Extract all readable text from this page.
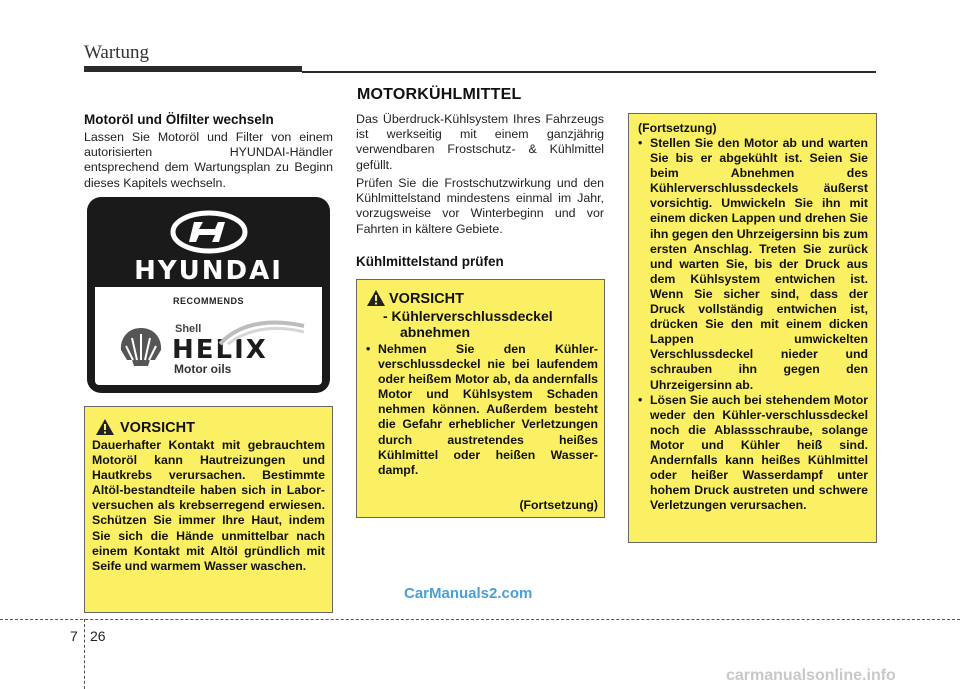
Wartung
MOTORKÜHLMITTEL
Motoröl und Ölfilter wechseln
Lassen Sie Motoröl und Filter von einem autorisierten HYUNDAI-Händler entsprechend dem Wartungsplan zu Beginn dieses Kapitels wechseln.
HYUNDAI
RECOMMENDS
Shell
HELIX
Motor oils
VORSICHT
Dauerhafter Kontakt mit gebrauchtem Motoröl kann Hautreizungen und Hautkrebs verursachen. Bestimmte Altöl-bestandteile haben sich in Labor-versuchen als krebserregend erwiesen. Schützen Sie immer Ihre Haut, indem Sie sich die Hände unmittelbar nach einem Kontakt mit Altöl gründlich mit Seife und warmem Wasser waschen.
Das Überdruck-Kühlsystem Ihres Fahrzeugs ist werkseitig mit einem ganzjährig verwendbaren Frostschutz- & Kühlmittel gefüllt.
Prüfen Sie die Frostschutzwirkung und den Kühlmittelstand mindestens einmal im Jahr, vorzugsweise vor Winterbeginn und vor Fahrten in kältere Gebiete.
Kühlmittelstand prüfen
VORSICHT
- Kühlerverschlussdeckel
abnehmen
• Nehmen Sie den Kühler-verschlussdeckel nie bei laufendem oder heißem Motor ab, da andernfalls Motor und Kühlsystem Schaden nehmen können. Außerdem besteht die Gefahr erheblicher Verletzungen durch austretendes heißes Kühlmittel oder heißen Wasser-dampf.
(Fortsetzung)
(Fortsetzung)
• Stellen Sie den Motor ab und warten Sie bis er abgekühlt ist. Seien Sie beim Abnehmen des Kühlerverschlussdeckels äußerst vorsichtig. Umwickeln Sie ihn mit einem dicken Lappen und drehen Sie ihn gegen den Uhrzeigersinn bis zum ersten Anschlag. Treten Sie zurück und warten Sie, bis der Druck aus dem Kühlsystem entwichen ist. Wenn Sie sicher sind, dass der Druck vollständig entwichen ist, drücken Sie den mit einem dicken Lappen umwickelten Verschlussdeckel nieder und schrauben ihn gegen den Uhrzeigersinn ab.
• Lösen Sie auch bei stehendem Motor weder den Kühler-verschlussdeckel noch die Ablassschraube, solange Motor und Kühler heiß sind. Andernfalls kann heißes Kühlmittel oder heißer Wasserdampf unter hohem Druck austreten und schwere Verletzungen verursachen.
CarManuals2.com
7 26
carmanualsonline.info
